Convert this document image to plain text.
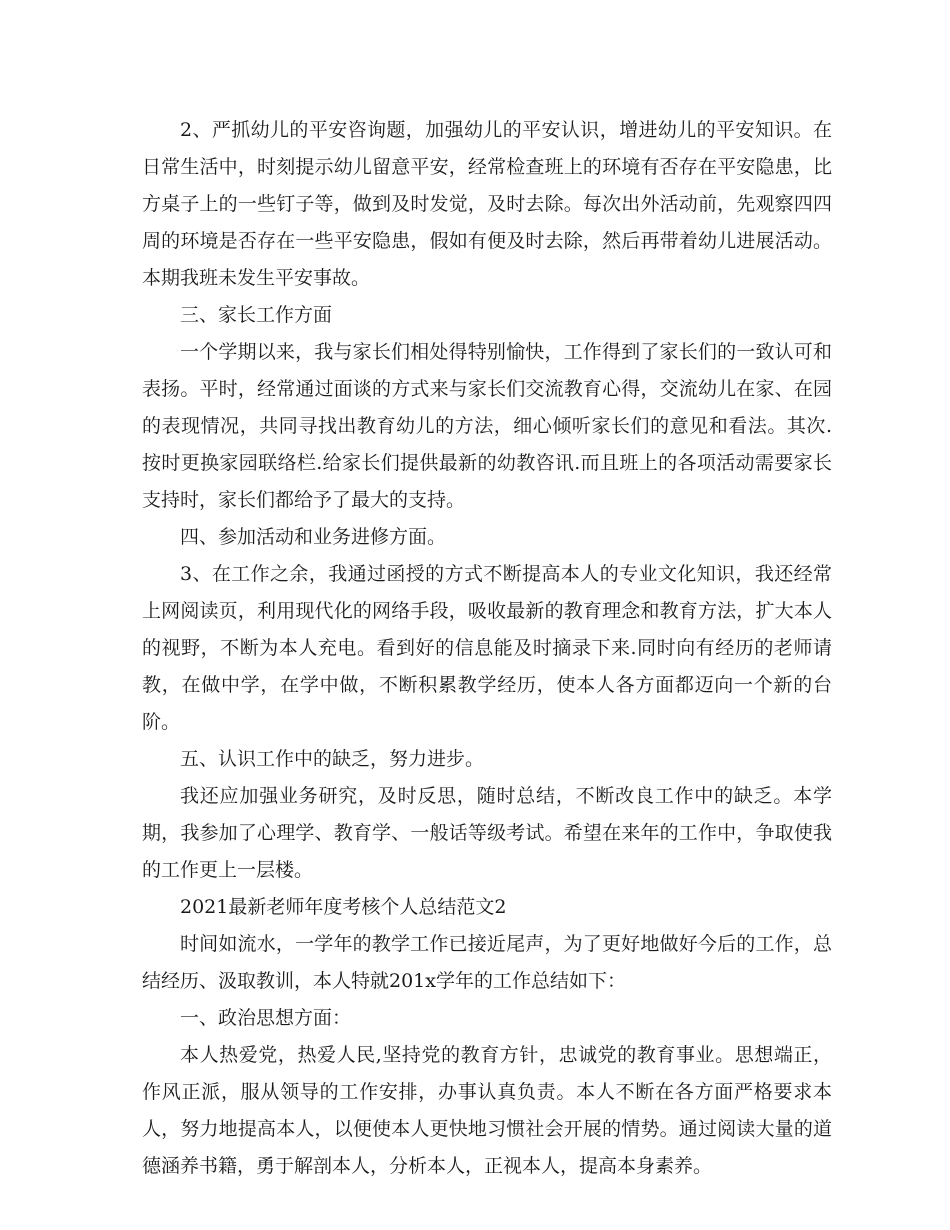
2、严抓幼儿的平安咨询题，加强幼儿的平安认识，增进幼儿的平安知识。在日常生活中，时刻提示幼儿留意平安，经常检查班上的环境有否存在平安隐患，比方桌子上的一些钉子等，做到及时发觉，及时去除。每次出外活动前，先观察四四周的环境是否存在一些平安隐患，假如有便及时去除，然后再带着幼儿进展活动。本期我班未发生平安事故。

三、家长工作方面

一个学期以来，我与家长们相处得特别愉快，工作得到了家长们的一致认可和表扬。平时，经常通过面谈的方式来与家长们交流教育心得，交流幼儿在家、在园的表现情况，共同寻找出教育幼儿的方法，细心倾听家长们的意见和看法。其次.按时更换家园联络栏.给家长们提供最新的幼教咨讯.而且班上的各项活动需要家长支持时，家长们都给予了最大的支持。

四、参加活动和业务进修方面。

3、在工作之余，我通过函授的方式不断提高本人的专业文化知识，我还经常上网阅读页，利用现代化的网络手段，吸收最新的教育理念和教育方法，扩大本人的视野，不断为本人充电。看到好的信息能及时摘录下来.同时向有经历的老师请教，在做中学，在学中做，不断积累教学经历，使本人各方面都迈向一个新的台阶。

五、认识工作中的缺乏，努力进步。

我还应加强业务研究，及时反思，随时总结，不断改良工作中的缺乏。本学期，我参加了心理学、教育学、一般话等级考试。希望在来年的工作中，争取使我的工作更上一层楼。

2021最新老师年度考核个人总结范文2

时间如流水，一学年的教学工作已接近尾声，为了更好地做好今后的工作，总结经历、汲取教训，本人特就201x学年的工作总结如下：

一、政治思想方面：

本人热爱党，热爱人民,坚持党的教育方针，忠诚党的教育事业。思想端正，作风正派，服从领导的工作安排，办事认真负责。本人不断在各方面严格要求本人，努力地提高本人，以便使本人更快地习惯社会开展的情势。通过阅读大量的道德涵养书籍，勇于解剖本人，分析本人，正视本人，提高本身素养。
